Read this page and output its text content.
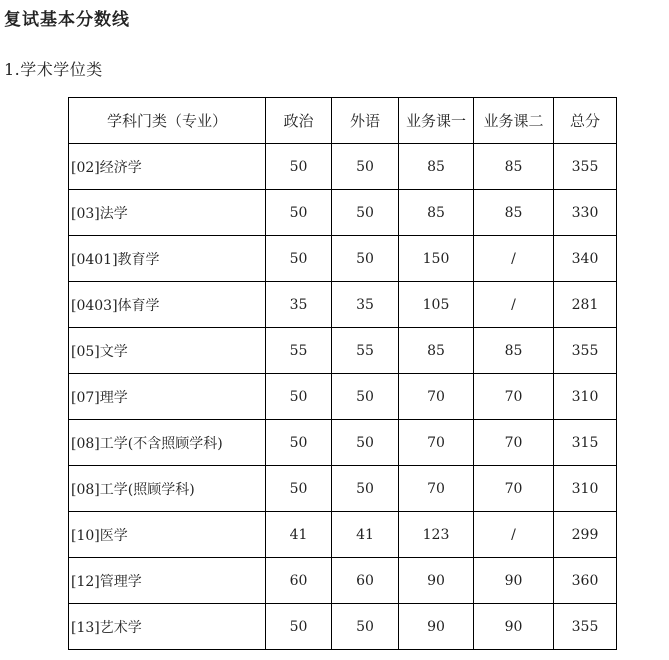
复试基本分数线

1.学术学位类

学科门类（专业）	政治	外语	业务课一	业务课二	总分
[02]经济学	50	50	85	85	355
[03]法学	50	50	85	85	330
[0401]教育学	50	50	150	/	340
[0403]体育学	35	35	105	/	281
[05]文学	55	55	85	85	355
[07]理学	50	50	70	70	310
[08]工学(不含照顾学科)	50	50	70	70	315
[08]工学(照顾学科)	50	50	70	70	310
[10]医学	41	41	123	/	299
[12]管理学	60	60	90	90	360
[13]艺术学	50	50	90	90	355
